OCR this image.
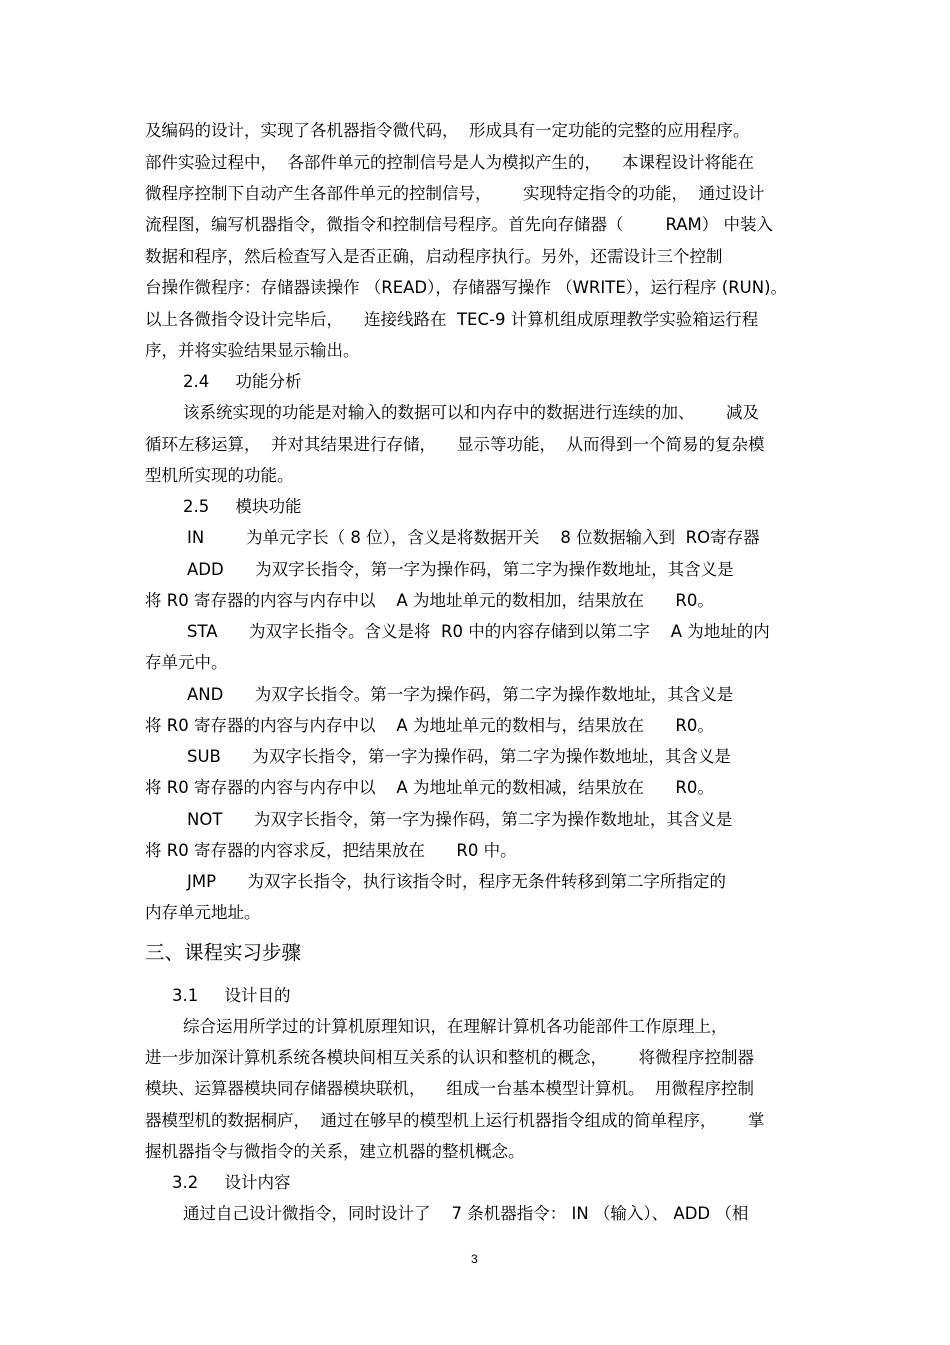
及编码的设计，实现了各机器指令微代码，  形成具有一定功能的完整的应用程序。
部件实验过程中，  各部件单元的控制信号是人为模拟产生的，    本课程设计将能在
微程序控制下自动产生各部件单元的控制信号，      实现特定指令的功能，  通过设计
流程图，编写机器指令，微指令和控制信号程序。首先向存储器（        RAM） 中装入
数据和程序，然后检查写入是否正确，启动程序执行。另外，还需设计三个控制
台操作微程序：存储器读操作 （READ），存储器写操作 （WRITE），运行程序 (RUN)。
以上各微指令设计完毕后，    连接线路在  TEC-9 计算机组成原理教学实验箱运行程
序，并将实验结果显示输出。
2.4     功能分析
该系统实现的功能是对输入的数据可以和内存中的数据进行连续的加、      减及
循环左移运算，  并对其结果进行存储，    显示等功能，  从而得到一个简易的复杂模
型机所实现的功能。
2.5     模块功能
IN        为单元字长（ 8 位），含义是将数据开关    8 位数据输入到  RO寄存器
ADD      为双字长指令，第一字为操作码，第二字为操作数地址，其含义是
将 R0 寄存器的内容与内存中以    A 为地址单元的数相加，结果放在      R0。
STA      为双字长指令。含义是将  R0 中的内容存储到以第二字    A 为地址的内
存单元中。
AND      为双字长指令。第一字为操作码，第二字为操作数地址，其含义是
将 R0 寄存器的内容与内存中以    A 为地址单元的数相与，结果放在      R0。
SUB      为双字长指令，第一字为操作码，第二字为操作数地址，其含义是
将 R0 寄存器的内容与内存中以    A 为地址单元的数相减，结果放在      R0。
NOT      为双字长指令，第一字为操作码，第二字为操作数地址，其含义是
将 R0 寄存器的内容求反，把结果放在      R0 中。
JMP      为双字长指令，执行该指令时，程序无条件转移到第二字所指定的
内存单元地址。
三、课程实习步骤
3.1     设计目的
综合运用所学过的计算机原理知识，在理解计算机各功能部件工作原理上，
进一步加深计算机系统各模块间相互关系的认识和整机的概念，      将微程序控制器
模块、运算器模块同存储器模块联机，    组成一台基本模型计算机。  用微程序控制
器模型机的数据桐庐，  通过在够早的模型机上运行机器指令组成的简单程序，      掌
握机器指令与微指令的关系，建立机器的整机概念。
3.2     设计内容
通过自己设计微指令，同时设计了    7 条机器指令： IN （输入）、 ADD （相
3
